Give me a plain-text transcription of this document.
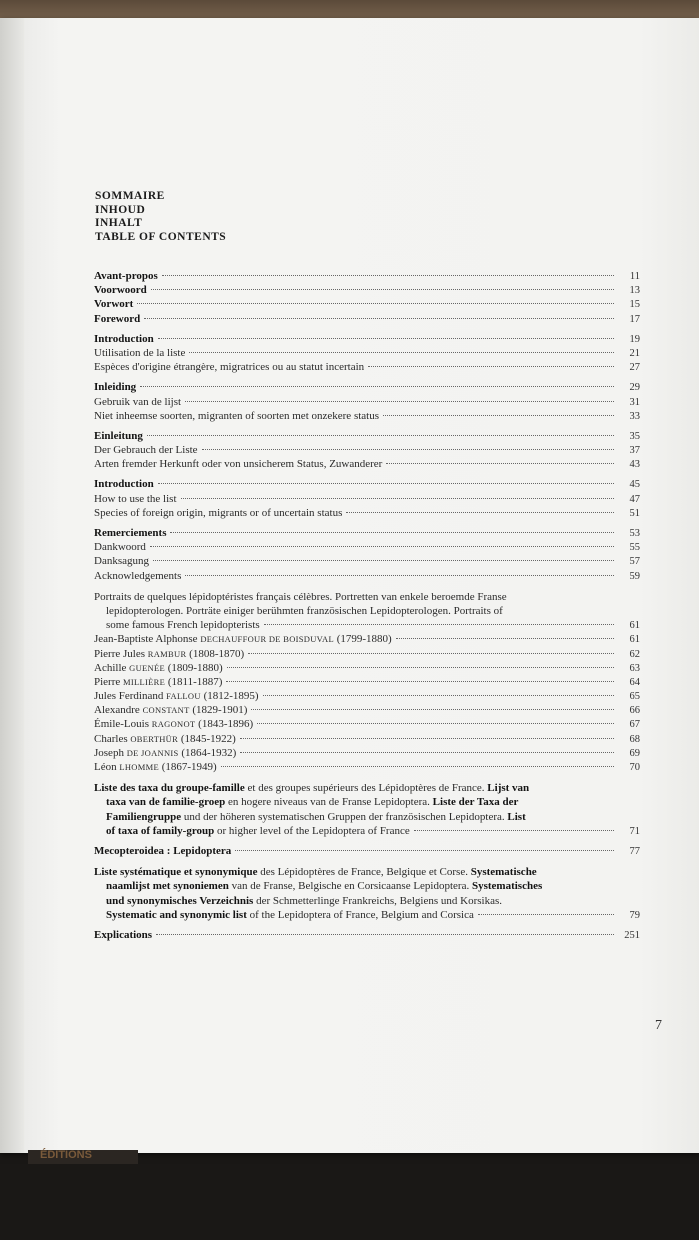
ÉDITIONS
SOMMAIRE
INHOUD
INHALT
TABLE OF CONTENTS
Avant-propos	11
Voorwoord	13
Vorwort	15
Foreword	17
Introduction	19
Utilisation de la liste	21
Espèces d'origine étrangère, migratrices ou au statut incertain	27
Inleiding	29
Gebruik van de lijst	31
Niet inheemse soorten, migranten of soorten met onzekere status	33
Einleitung	35
Der Gebrauch der Liste	37
Arten fremder Herkunft oder von unsicherem Status, Zuwanderer	43
Introduction	45
How to use the list	47
Species of foreign origin, migrants or of uncertain status	51
Remerciements	53
Dankwoord	55
Danksagung	57
Acknowledgements	59
Portraits de quelques lépidoptéristes français célèbres. Portretten van enkele beroemde Franse
lepidopterologen. Porträte einiger berühmten französischen Lepidopterologen. Portraits of
some famous French lepidopterists	61
Jean-Baptiste Alphonse DECHAUFFOUR DE BOISDUVAL (1799-1880)	61
Pierre Jules RAMBUR (1808-1870)	62
Achille GUENÉE (1809-1880)	63
Pierre MILLIÈRE (1811-1887)	64
Jules Ferdinand FALLOU (1812-1895)	65
Alexandre CONSTANT (1829-1901)	66
Émile-Louis RAGONOT (1843-1896)	67
Charles OBERTHÜR (1845-1922)	68
Joseph DE JOANNIS (1864-1932)	69
Léon LHOMME (1867-1949)	70
Liste des taxa du groupe-famille et des groupes supérieurs des Lépidoptères de France. Lijst van
taxa van de familie-groep en hogere niveaus van de Franse Lepidoptera. Liste der Taxa der
Familiengruppe und der höheren systematischen Gruppen der französischen Lepidoptera. List
of taxa of family-group or higher level of the Lepidoptera of France	71
Mecopteroidea : Lepidoptera	77
Liste systématique et synonymique des Lépidoptères de France, Belgique et Corse. Systematische
naamlijst met synoniemen van de Franse, Belgische en Corsicaanse Lepidoptera. Systematisches
und synonymisches Verzeichnis der Schmetterlinge Frankreichs, Belgiens und Korsikas.
Systematic and synonymic list of the Lepidoptera of France, Belgium and Corsica	79
Explications	251
7
